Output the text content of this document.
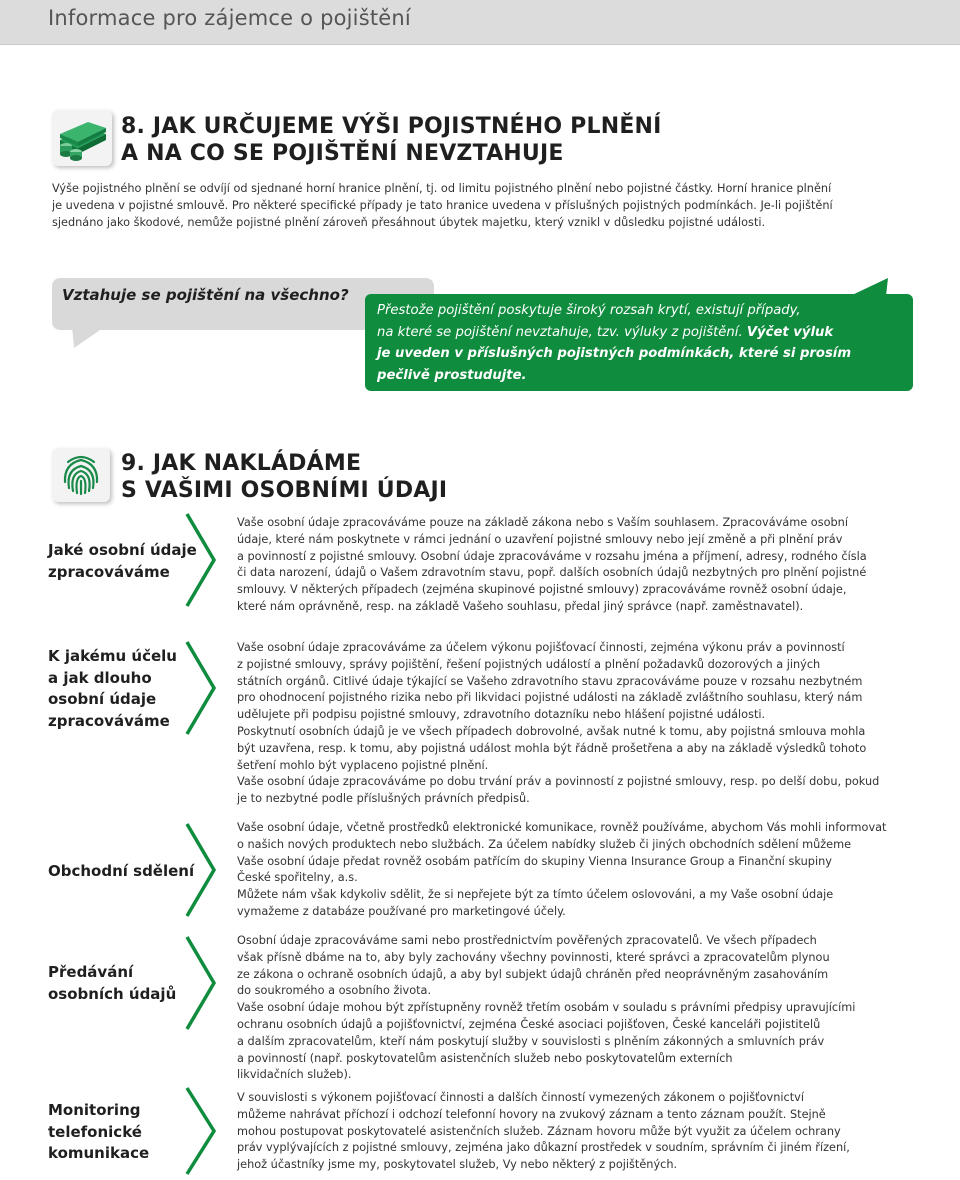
Informace pro zájemce o pojištění
8. JAK URČUJEME VÝŠI POJISTNÉHO PLNĚNÍ
A NA CO SE POJIŠTĚNÍ NEVZTAHUJE
Výše pojistného plnění se odvíjí od sjednané horní hranice plnění, tj. od limitu pojistného plnění nebo pojistné částky. Horní hranice plnění
je uvedena v pojistné smlouvě. Pro některé specifické případy je tato hranice uvedena v příslušných pojistných podmínkách. Je-li pojištění
sjednáno jako škodové, nemůže pojistné plnění zároveň přesáhnout úbytek majetku, který vznikl v důsledku pojistné události.
Vztahuje se pojištění na všechno?
Přestože pojištění poskytuje široký rozsah krytí, existují případy,
na které se pojištění nevztahuje, tzv. výluky z pojištění. Výčet výluk
je uveden v příslušných pojistných podmínkách, které si prosím
pečlivě prostudujte.
9. JAK NAKLÁDÁME
S VAŠIMI OSOBNÍMI ÚDAJI
Jaké osobní údaje
zpracováváme

Vaše osobní údaje zpracováváme pouze na základě zákona nebo s Vaším souhlasem. Zpracováváme osobní

údaje, které nám poskytnete v rámci jednání o uzavření pojistné smlouvy nebo její změně a při plnění práv

a povinností z pojistné smlouvy. Osobní údaje zpracováváme v rozsahu jména a příjmení, adresy, rodného čísla

či data narození, údajů o Vašem zdravotním stavu, popř. dalších osobních údajů nezbytných pro plnění pojistné

smlouvy. V některých případech (zejména skupinové pojistné smlouvy) zpracováváme rovněž osobní údaje,

které nám oprávněně, resp. na základě Vašeho souhlasu, předal jiný správce (např. zaměstnavatel).

K jakému účelu
a jak dlouho
osobní údaje
zpracováváme

Vaše osobní údaje zpracováváme za účelem výkonu pojišťovací činnosti, zejména výkonu práv a povinností

z pojistné smlouvy, správy pojištění, řešení pojistných událostí a plnění požadavků dozorových a jiných

státních orgánů. Citlivé údaje týkající se Vašeho zdravotního stavu zpracováváme pouze v rozsahu nezbytném

pro ohodnocení pojistného rizika nebo při likvidaci pojistné události na základě zvláštního souhlasu, který nám

udělujete při podpisu pojistné smlouvy, zdravotního dotazníku nebo hlášení pojistné události.

Poskytnutí osobních údajů je ve všech případech dobrovolné, avšak nutné k tomu, aby pojistná smlouva mohla

být uzavřena, resp. k tomu, aby pojistná událost mohla být řádně prošetřena a aby na základě výsledků tohoto

šetření mohlo být vyplaceno pojistné plnění.

Vaše osobní údaje zpracováváme po dobu trvání práv a povinností z pojistné smlouvy, resp. po delší dobu, pokud

je to nezbytné podle příslušných právních předpisů.

Obchodní sdělení

Vaše osobní údaje, včetně prostředků elektronické komunikace, rovněž používáme, abychom Vás mohli informovat

o našich nových produktech nebo službách. Za účelem nabídky služeb či jiných obchodních sdělení můžeme

Vaše osobní údaje předat rovněž osobám patřícím do skupiny Vienna Insurance Group a Finanční skupiny

České spořitelny, a.s.

Můžete nám však kdykoliv sdělit, že si nepřejete být za tímto účelem oslovováni, a my Vaše osobní údaje

vymažeme z databáze používané pro marketingové účely.

Předávání
osobních údajů

Osobní údaje zpracováváme sami nebo prostřednictvím pověřených zpracovatelů. Ve všech případech

však přísně dbáme na to, aby byly zachovány všechny povinnosti, které správci a zpracovatelům plynou

ze zákona o ochraně osobních údajů, a aby byl subjekt údajů chráněn před neoprávněným zasahováním

do soukromého a osobního života.

Vaše osobní údaje mohou být zpřístupněny rovněž třetím osobám v souladu s právními předpisy upravujícími

ochranu osobních údajů a pojišťovnictví, zejména České asociaci pojišťoven, České kanceláři pojistitelů

a dalším zpracovatelům, kteří nám poskytují služby v souvislosti s plněním zákonných a smluvních práv

a povinností (např. poskytovatelům asistenčních služeb nebo poskytovatelům externích

likvidačních služeb).

Monitoring
telefonické
komunikace

V souvislosti s výkonem pojišťovací činnosti a dalších činností vymezených zákonem o pojišťovnictví

můžeme nahrávat příchozí i odchozí telefonní hovory na zvukový záznam a tento záznam použít. Stejně

mohou postupovat poskytovatelé asistenčních služeb. Záznam hovoru může být využit za účelem ochrany

práv vyplývajících z pojistné smlouvy, zejména jako důkazní prostředek v soudním, správním či jiném řízení,

jehož účastníky jsme my, poskytovatel služeb, Vy nebo některý z pojištěných.
